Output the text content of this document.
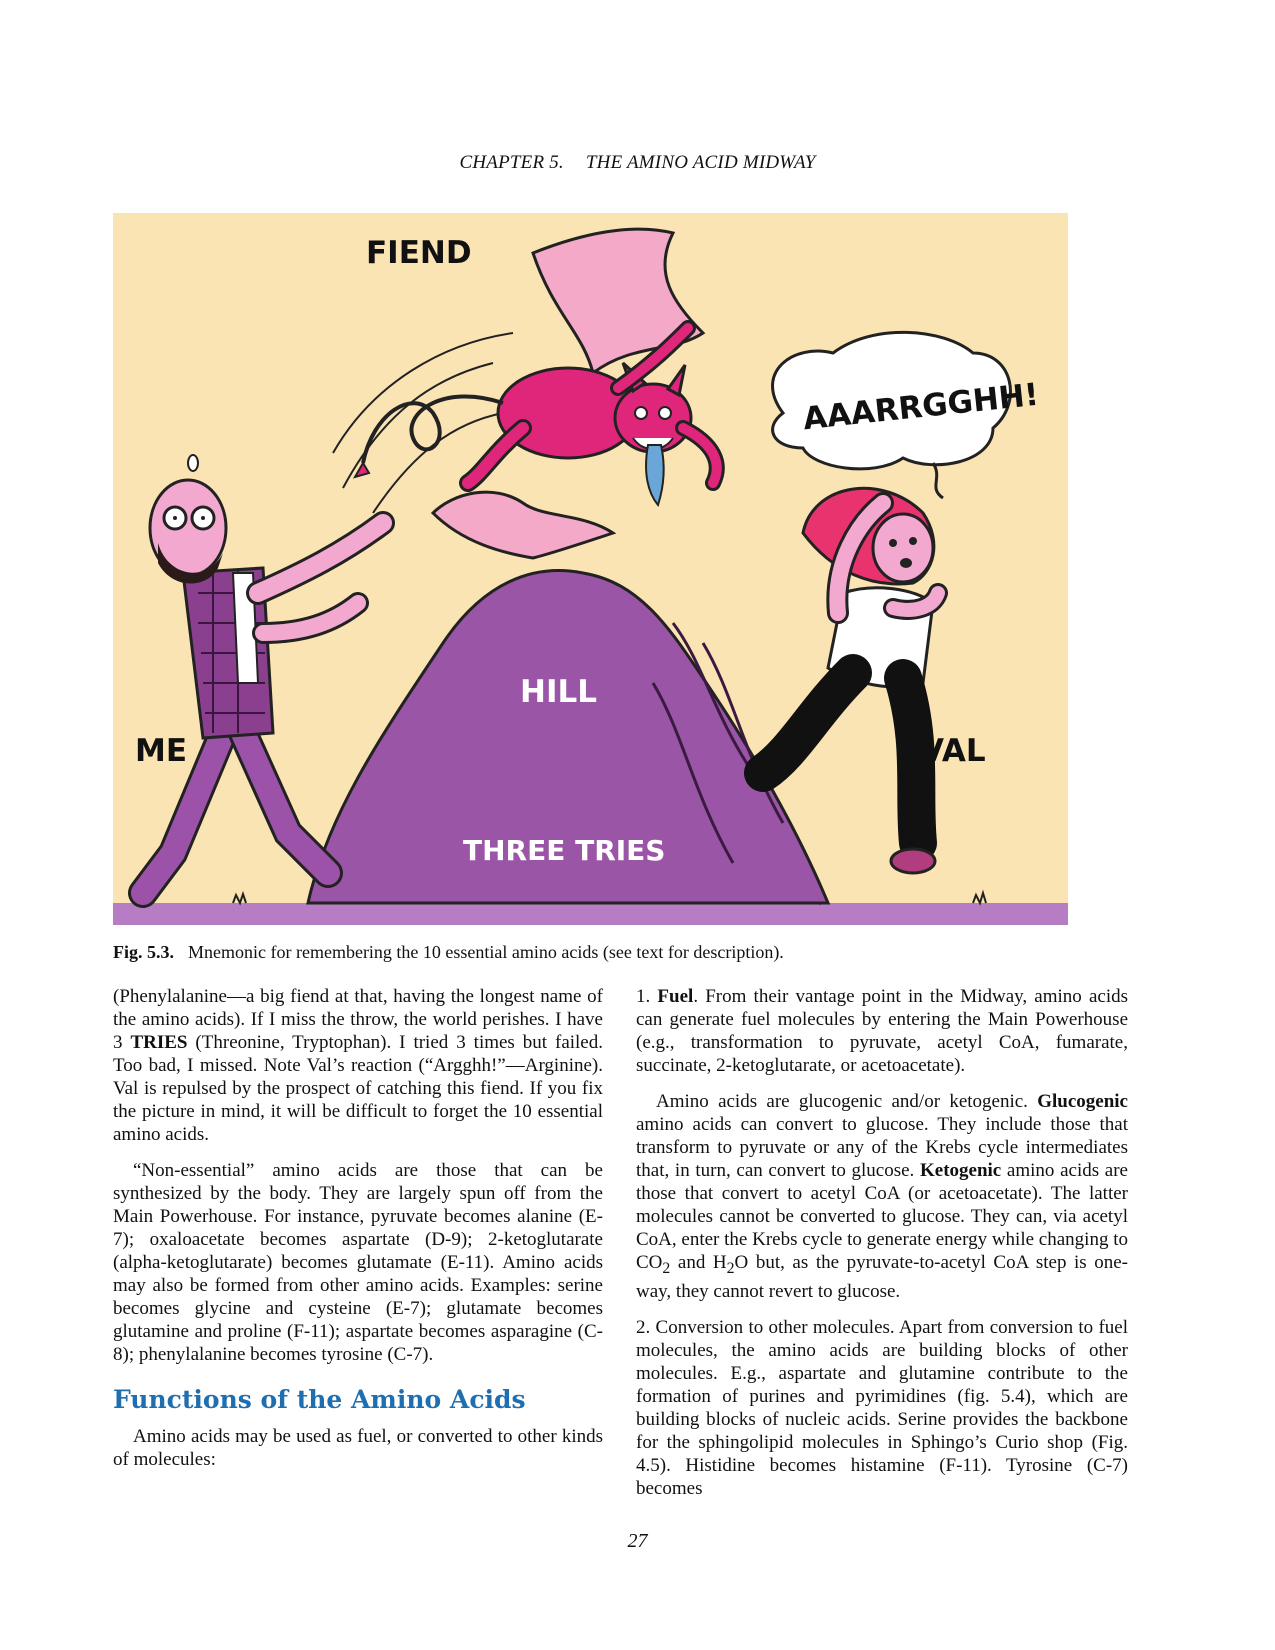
CHAPTER 5. THE AMINO ACID MIDWAY
FIEND
ME
HILL
VAL
THREE TRIES
AAARRGGHH!
Fig. 5.3. Mnemonic for remembering the 10 essential amino acids (see text for description).

(Phenylalanine—a big fiend at that, having the longest name of the amino acids). If I miss the throw, the world perishes. I have 3 TRIES (Threonine, Tryptophan). I tried 3 times but failed. Too bad, I missed. Note Val’s reaction (“Argghh!”—Arginine). Val is repulsed by the prospect of catching this fiend. If you fix the picture in mind, it will be difficult to forget the 10 essential amino acids.

“Non-essential” amino acids are those that can be synthesized by the body. They are largely spun off from the Main Powerhouse. For instance, pyruvate becomes alanine (E-7); oxaloacetate becomes aspartate (D-9); 2-ketoglutarate (alpha-ketoglutarate) becomes glutamate (E-11). Amino acids may also be formed from other amino acids. Examples: serine becomes glycine and cysteine (E-7); glutamate becomes glutamine and proline (F-11); aspartate becomes asparagine (C-8); phenylalanine becomes tyrosine (C-7).

Functions of the Amino Acids

Amino acids may be used as fuel, or converted to other kinds of molecules:

1. Fuel. From their vantage point in the Midway, amino acids can generate fuel molecules by entering the Main Powerhouse (e.g., transformation to pyruvate, acetyl CoA, fumarate, succinate, 2-ketoglutarate, or acetoacetate).

Amino acids are glucogenic and/or ketogenic. Glucogenic amino acids can convert to glucose. They include those that transform to pyruvate or any of the Krebs cycle intermediates that, in turn, can convert to glucose. Ketogenic amino acids are those that convert to acetyl CoA (or acetoacetate). The latter molecules cannot be converted to glucose. They can, via acetyl CoA, enter the Krebs cycle to generate energy while changing to $CO_2$ and $H_2O$ but, as the pyruvate-to-acetyl CoA step is one-way, they cannot revert to glucose.

2. Conversion to other molecules. Apart from conversion to fuel molecules, the amino acids are building blocks of other molecules. E.g., aspartate and glutamine contribute to the formation of purines and pyrimidines (fig. 5.4), which are building blocks of nucleic acids. Serine provides the backbone for the sphingolipid molecules in Sphingo’s Curio shop (Fig. 4.5). Histidine becomes histamine (F-11). Tyrosine (C-7) becomes

27
